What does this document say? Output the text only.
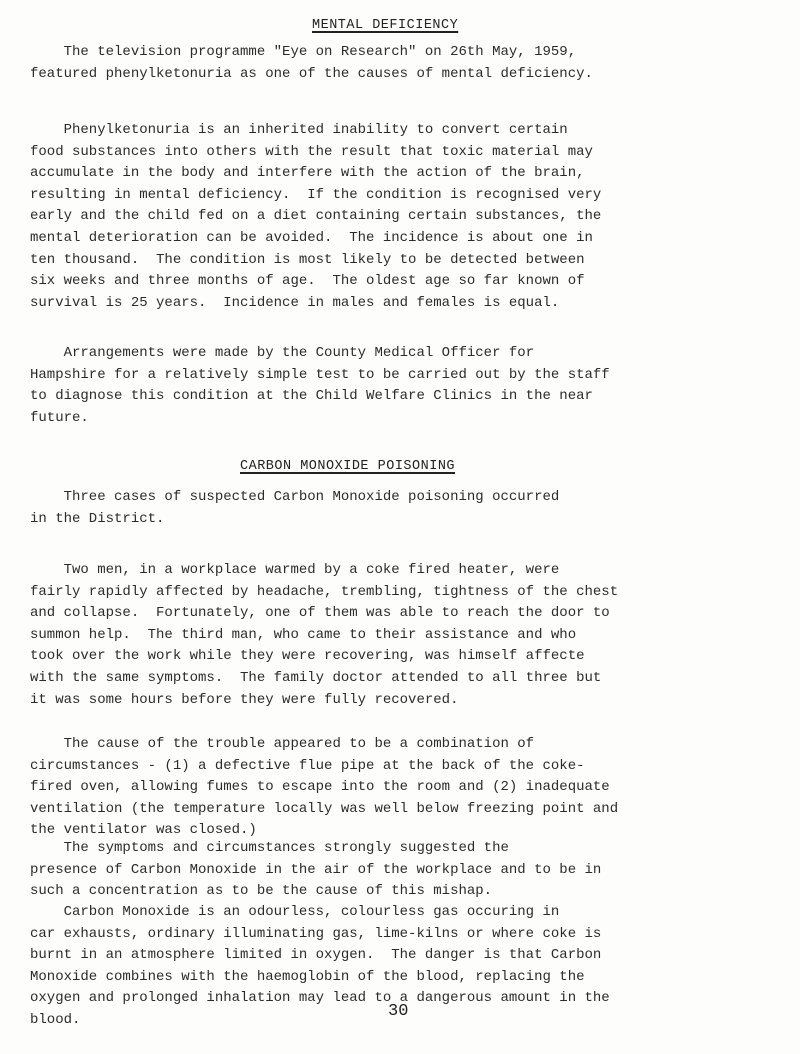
MENTAL DEFICIENCY
The television programme "Eye on Research" on 26th May, 1959,
featured phenylketonuria as one of the causes of mental deficiency.
Phenylketonuria is an inherited inability to convert certain
food substances into others with the result that toxic material may
accumulate in the body and interfere with the action of the brain,
resulting in mental deficiency.  If the condition is recognised very
early and the child fed on a diet containing certain substances, the
mental deterioration can be avoided.  The incidence is about one in
ten thousand.  The condition is most likely to be detected between
six weeks and three months of age.  The oldest age so far known of
survival is 25 years.  Incidence in males and females is equal.
Arrangements were made by the County Medical Officer for
Hampshire for a relatively simple test to be carried out by the staff
to diagnose this condition at the Child Welfare Clinics in the near
future.
CARBON MONOXIDE POISONING
Three cases of suspected Carbon Monoxide poisoning occurred
in the District.
Two men, in a workplace warmed by a coke fired heater, were
fairly rapidly affected by headache, trembling, tightness of the chest
and collapse.  Fortunately, one of them was able to reach the door to
summon help.  The third man, who came to their assistance and who
took over the work while they were recovering, was himself affecte
with the same symptoms.  The family doctor attended to all three but
it was some hours before they were fully recovered.
The cause of the trouble appeared to be a combination of
circumstances - (1) a defective flue pipe at the back of the coke-
fired oven, allowing fumes to escape into the room and (2) inadequate
ventilation (the temperature locally was well below freezing point and
the ventilator was closed.)
The symptoms and circumstances strongly suggested the
presence of Carbon Monoxide in the air of the workplace and to be in
such a concentration as to be the cause of this mishap.
Carbon Monoxide is an odourless, colourless gas occuring in
car exhausts, ordinary illuminating gas, lime-kilns or where coke is
burnt in an atmosphere limited in oxygen.  The danger is that Carbon
Monoxide combines with the haemoglobin of the blood, replacing the
oxygen and prolonged inhalation may lead to a dangerous amount in the
blood.	30
